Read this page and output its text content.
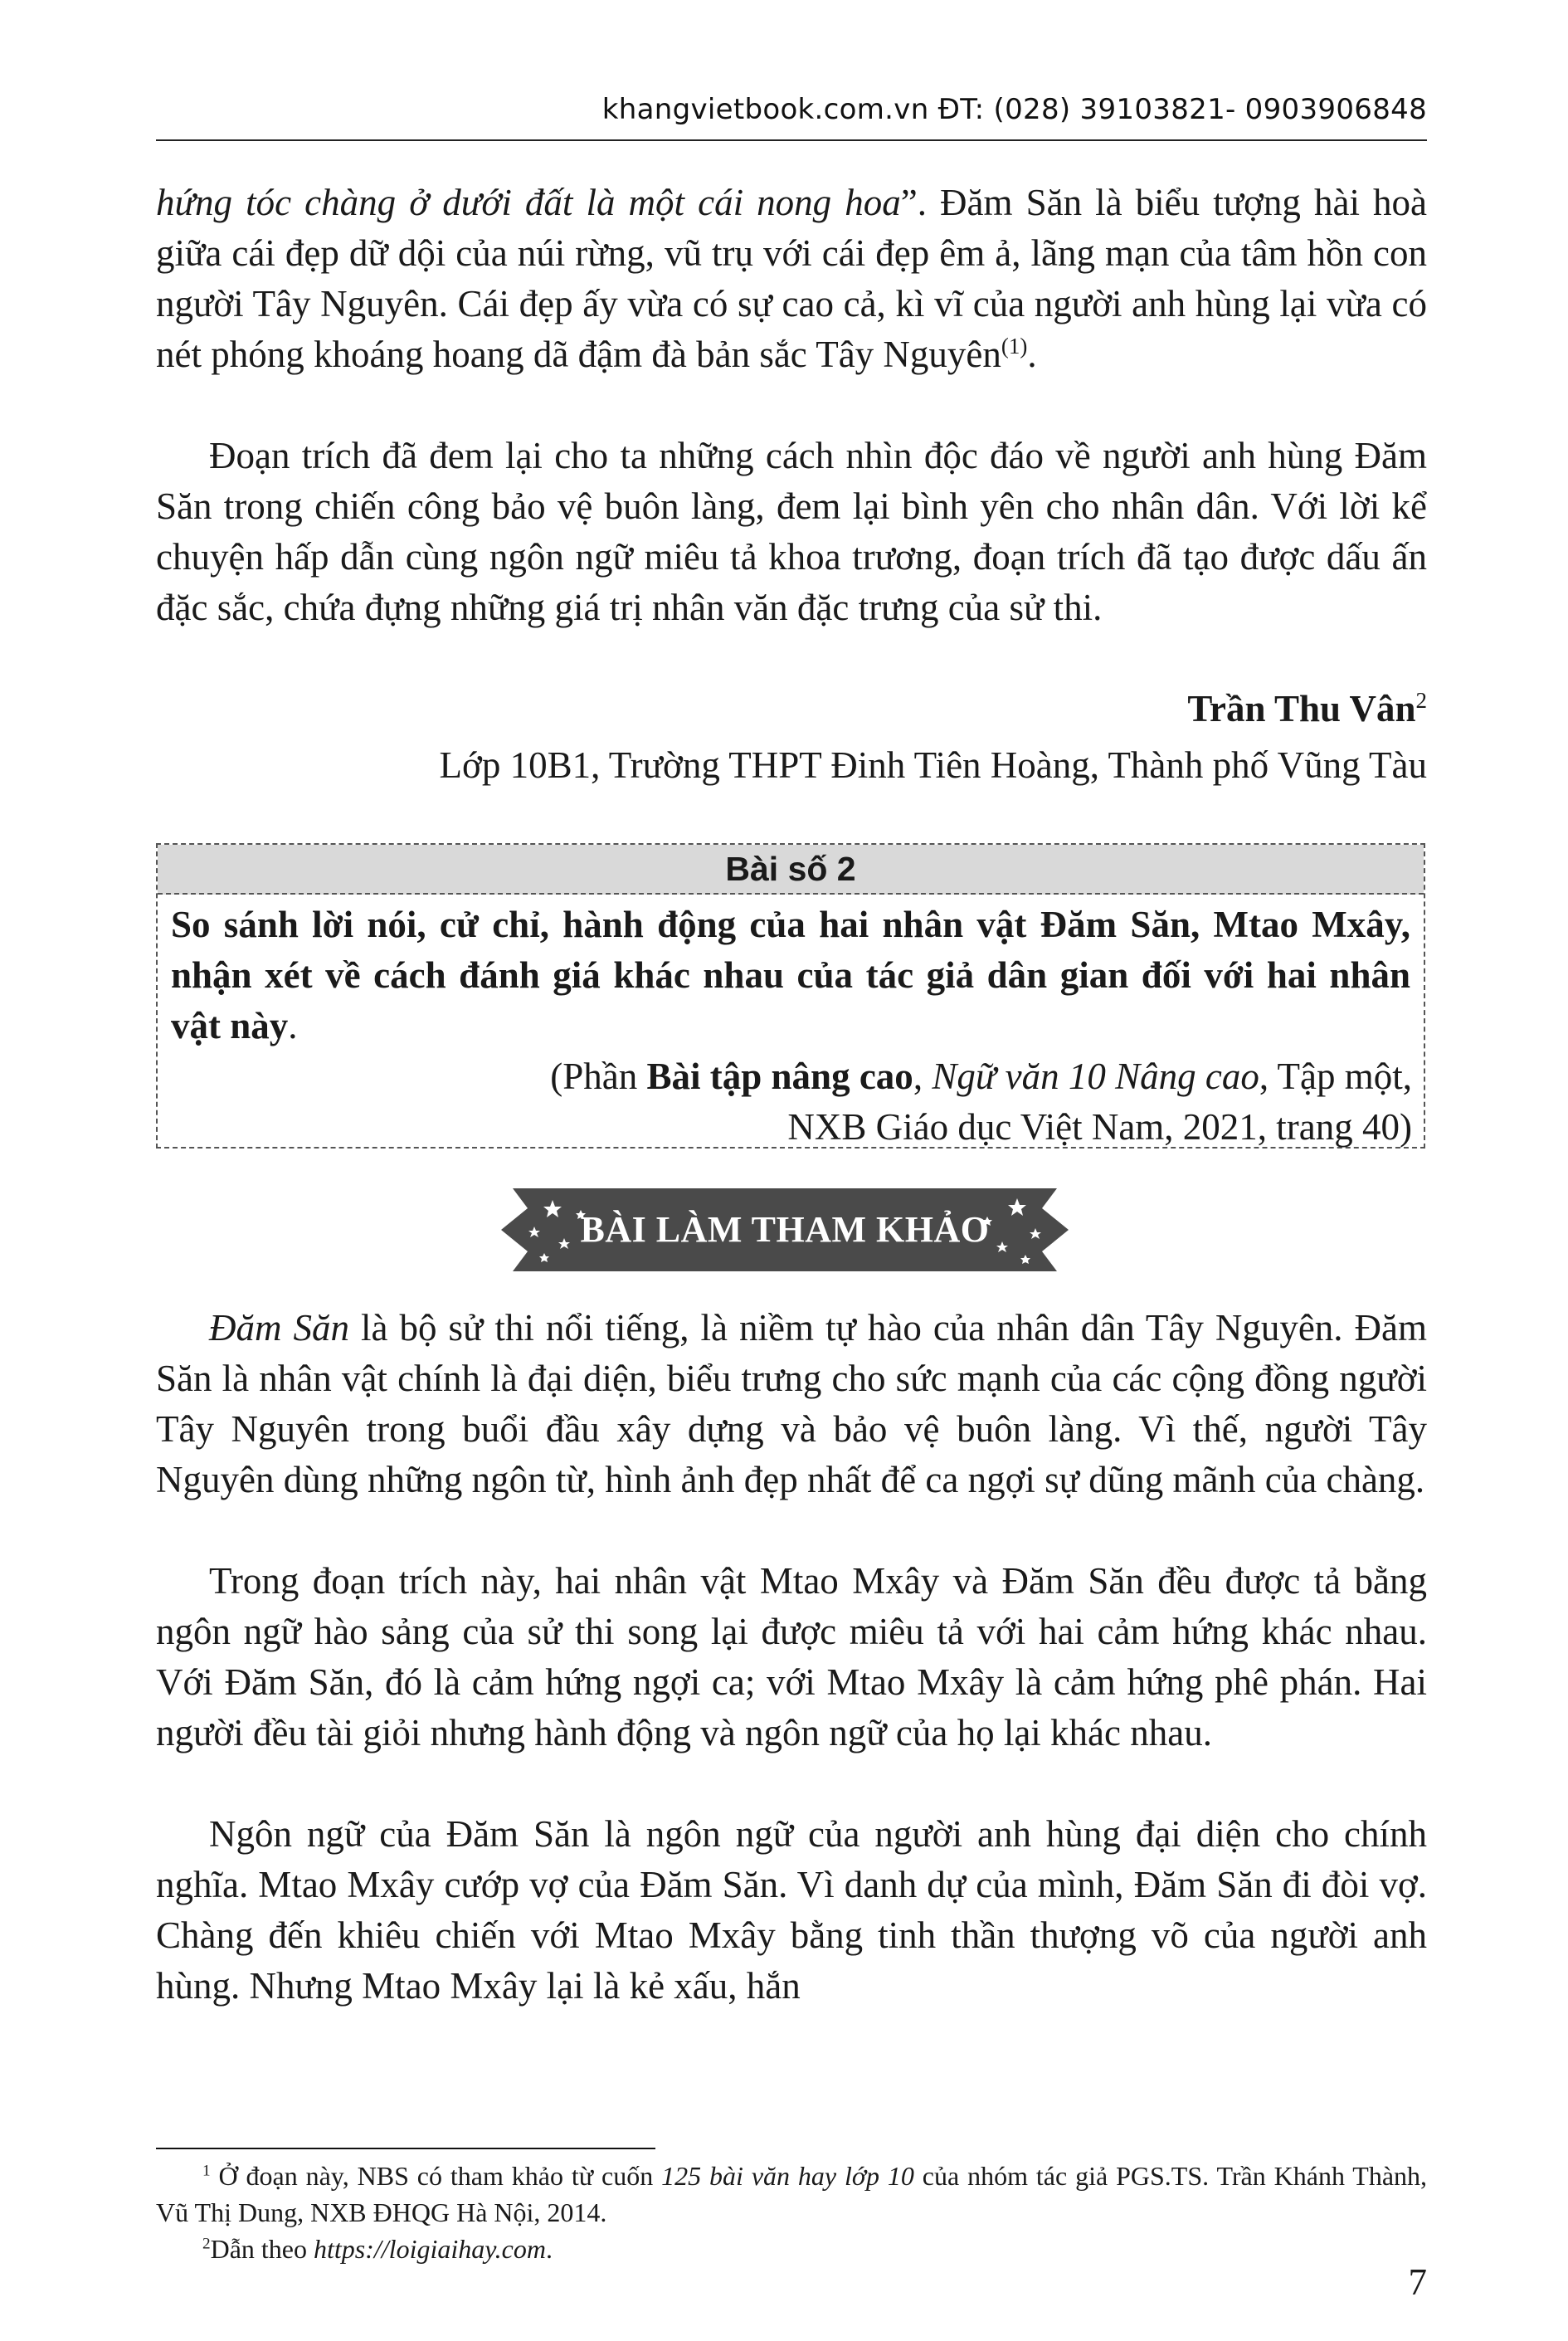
khangvietbook.com.vn ĐT: (028) 39103821- 0903906848

hứng tóc chàng ở dưới đất là một cái nong hoa”. Đăm Săn là biểu tượng hài hoà giữa cái đẹp dữ dội của núi rừng, vũ trụ với cái đẹp êm ả, lãng mạn của tâm hồn con người Tây Nguyên. Cái đẹp ấy vừa có sự cao cả, kì vĩ của người anh hùng lại vừa có nét phóng khoáng hoang dã đậm đà bản sắc Tây Nguyên$^{(1)}$.

Đoạn trích đã đem lại cho ta những cách nhìn độc đáo về người anh hùng Đăm Săn trong chiến công bảo vệ buôn làng, đem lại bình yên cho nhân dân. Với lời kể chuyện hấp dẫn cùng ngôn ngữ miêu tả khoa trương, đoạn trích đã tạo được dấu ấn đặc sắc, chứa đựng những giá trị nhân văn đặc trưng của sử thi.

Trần Thu Vân$^2$

Lớp 10B1, Trường THPT Đinh Tiên Hoàng, Thành phố Vũng Tàu

Bài số 2
So sánh lời nói, cử chỉ, hành động của hai nhân vật Đăm Săn, Mtao Mxây, nhận xét về cách đánh giá khác nhau của tác giả dân gian đối với hai nhân vật này.
(Phần Bài tập nâng cao, Ngữ văn 10 Nâng cao, Tập một,
NXB Giáo dục Việt Nam, 2021, trang 40)
BÀI LÀM THAM KHẢO

Đăm Săn là bộ sử thi nổi tiếng, là niềm tự hào của nhân dân Tây Nguyên. Đăm Săn là nhân vật chính là đại diện, biểu trưng cho sức mạnh của các cộng đồng người Tây Nguyên trong buổi đầu xây dựng và bảo vệ buôn làng. Vì thế, người Tây Nguyên dùng những ngôn từ, hình ảnh đẹp nhất để ca ngợi sự dũng mãnh của chàng.

Trong đoạn trích này, hai nhân vật Mtao Mxây và Đăm Săn đều được tả bằng ngôn ngữ hào sảng của sử thi song lại được miêu tả với hai cảm hứng khác nhau. Với Đăm Săn, đó là cảm hứng ngợi ca; với Mtao Mxây là cảm hứng phê phán. Hai người đều tài giỏi nhưng hành động và ngôn ngữ của họ lại khác nhau.

Ngôn ngữ của Đăm Săn là ngôn ngữ của người anh hùng đại diện cho chính nghĩa. Mtao Mxây cướp vợ của Đăm Săn. Vì danh dự của mình, Đăm Săn đi đòi vợ. Chàng đến khiêu chiến với Mtao Mxây bằng tinh thần thượng võ của người anh hùng. Nhưng Mtao Mxây lại là kẻ xấu, hắn

$^1$ Ở đoạn này, NBS có tham khảo từ cuốn 125 bài văn hay lớp 10 của nhóm tác giả PGS.TS. Trần Khánh Thành, Vũ Thị Dung, NXB ĐHQG Hà Nội, 2014.

$^2$Dẫn theo https://loigiaihay.com.

7
